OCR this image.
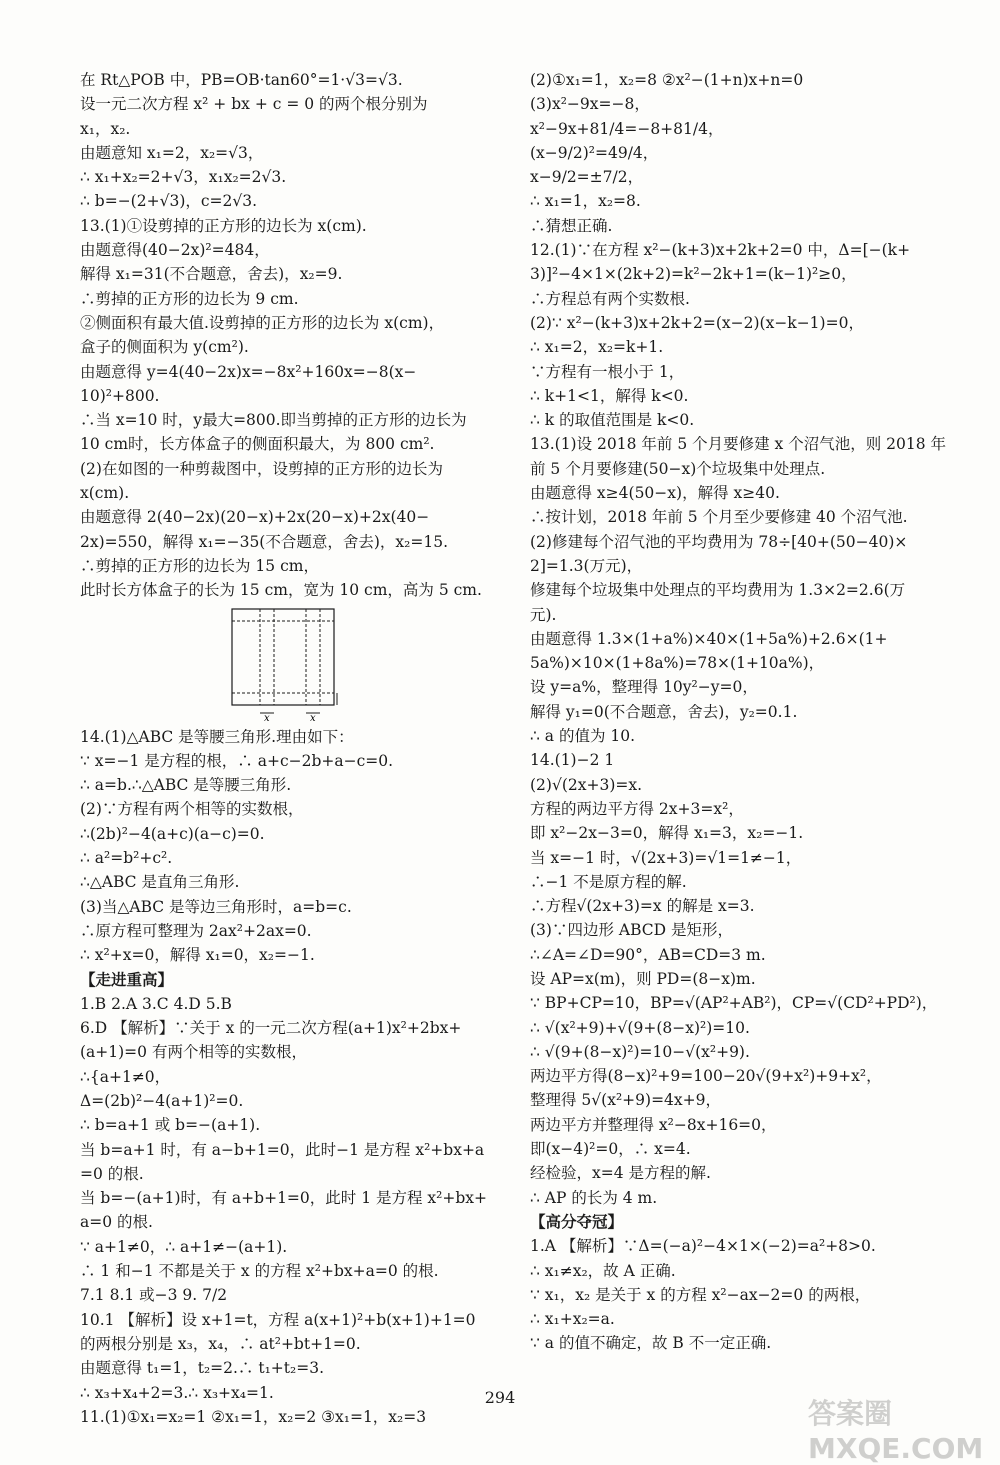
在 Rt△POB 中，PB=OB·tan60°=1·√3=√3.
设一元二次方程 x² + bx + c = 0 的两个根分别为
x₁，x₂.
由题意知 x₁=2，x₂=√3，
∴ x₁+x₂=2+√3，x₁x₂=2√3.
∴ b=−(2+√3)，c=2√3.
13.(1)①设剪掉的正方形的边长为 x(cm).
由题意得(40−2x)²=484，
解得 x₁=31(不合题意，舍去)，x₂=9.
∴剪掉的正方形的边长为 9 cm.
②侧面积有最大值.设剪掉的正方形的边长为 x(cm)，
盒子的侧面积为 y(cm²).
由题意得 y=4(40−2x)x=−8x²+160x=−8(x−
10)²+800.
∴当 x=10 时，y最大=800.即当剪掉的正方形的边长为
10 cm时，长方体盒子的侧面积最大，为 800 cm².
(2)在如图的一种剪裁图中，设剪掉的正方形的边长为
x(cm).
由题意得 2(40−2x)(20−x)+2x(20−x)+2x(40−
2x)=550，解得 x₁=−35(不合题意，舍去)，x₂=15.
∴剪掉的正方形的边长为 15 cm，
此时长方体盒子的长为 15 cm，宽为 10 cm，高为 5 cm.
x	x
14.(1)△ABC 是等腰三角形.理由如下：
∵ x=−1 是方程的根，∴ a+c−2b+a−c=0.
∴ a=b.∴△ABC 是等腰三角形.
(2)∵方程有两个相等的实数根，
∴(2b)²−4(a+c)(a−c)=0.
∴ a²=b²+c².
∴△ABC 是直角三角形.
(3)当△ABC 是等边三角形时，a=b=c.
∴原方程可整理为 2ax²+2ax=0.
∴ x²+x=0，解得 x₁=0，x₂=−1.
【走进重高】
1.B 2.A 3.C 4.D 5.B
6.D 【解析】∵关于 x 的一元二次方程(a+1)x²+2bx+
(a+1)=0 有两个相等的实数根，
∴{a+1≠0，
Δ=(2b)²−4(a+1)²=0.
∴ b=a+1 或 b=−(a+1).
当 b=a+1 时，有 a−b+1=0，此时−1 是方程 x²+bx+a
=0 的根.
当 b=−(a+1)时，有 a+b+1=0，此时 1 是方程 x²+bx+
a=0 的根.
∵ a+1≠0，∴ a+1≠−(a+1).
∴ 1 和−1 不都是关于 x 的方程 x²+bx+a=0 的根.
7.1 8.1 或−3 9. 7/2
10.1 【解析】设 x+1=t，方程 a(x+1)²+b(x+1)+1=0
的两根分别是 x₃，x₄，∴ at²+bt+1=0.
由题意得 t₁=1，t₂=2.∴ t₁+t₂=3.
∴ x₃+x₄+2=3.∴ x₃+x₄=1.
11.(1)①x₁=x₂=1 ②x₁=1，x₂=2 ③x₁=1，x₂=3
(2)①x₁=1，x₂=8 ②x²−(1+n)x+n=0
(3)x²−9x=−8，
x²−9x+81/4=−8+81/4，
(x−9/2)²=49/4，
x−9/2=±7/2，
∴ x₁=1，x₂=8.
∴猜想正确.
12.(1)∵在方程 x²−(k+3)x+2k+2=0 中，Δ=[−(k+
3)]²−4×1×(2k+2)=k²−2k+1=(k−1)²≥0，
∴方程总有两个实数根.
(2)∵ x²−(k+3)x+2k+2=(x−2)(x−k−1)=0，
∴ x₁=2，x₂=k+1.
∵方程有一根小于 1，
∴ k+1<1，解得 k<0.
∴ k 的取值范围是 k<0.
13.(1)设 2018 年前 5 个月要修建 x 个沼气池，则 2018 年
前 5 个月要修建(50−x)个垃圾集中处理点.
由题意得 x≥4(50−x)，解得 x≥40.
∴按计划，2018 年前 5 个月至少要修建 40 个沼气池.
(2)修建每个沼气池的平均费用为 78÷[40+(50−40)×
2]=1.3(万元)，
修建每个垃圾集中处理点的平均费用为 1.3×2=2.6(万
元).
由题意得 1.3×(1+a%)×40×(1+5a%)+2.6×(1+
5a%)×10×(1+8a%)=78×(1+10a%)，
设 y=a%，整理得 10y²−y=0，
解得 y₁=0(不合题意，舍去)，y₂=0.1.
∴ a 的值为 10.
14.(1)−2 1
(2)√(2x+3)=x.
方程的两边平方得 2x+3=x²，
即 x²−2x−3=0，解得 x₁=3，x₂=−1.
当 x=−1 时，√(2x+3)=√1=1≠−1，
∴−1 不是原方程的解.
∴方程√(2x+3)=x 的解是 x=3.
(3)∵四边形 ABCD 是矩形，
∴∠A=∠D=90°，AB=CD=3 m.
设 AP=x(m)，则 PD=(8−x)m.
∵ BP+CP=10，BP=√(AP²+AB²)，CP=√(CD²+PD²)，
∴ √(x²+9)+√(9+(8−x)²)=10.
∴ √(9+(8−x)²)=10−√(x²+9).
两边平方得(8−x)²+9=100−20√(9+x²)+9+x²，
整理得 5√(x²+9)=4x+9，
两边平方并整理得 x²−8x+16=0，
即(x−4)²=0，∴ x=4.
经检验，x=4 是方程的解.
∴ AP 的长为 4 m.
【高分夺冠】
1.A 【解析】∵Δ=(−a)²−4×1×(−2)=a²+8>0.
∴ x₁≠x₂，故 A 正确.
∵ x₁，x₂ 是关于 x 的方程 x²−ax−2=0 的两根，
∴ x₁+x₂=a.
∵ a 的值不确定，故 B 不一定正确.
294	答案圈 MXQE.COM
